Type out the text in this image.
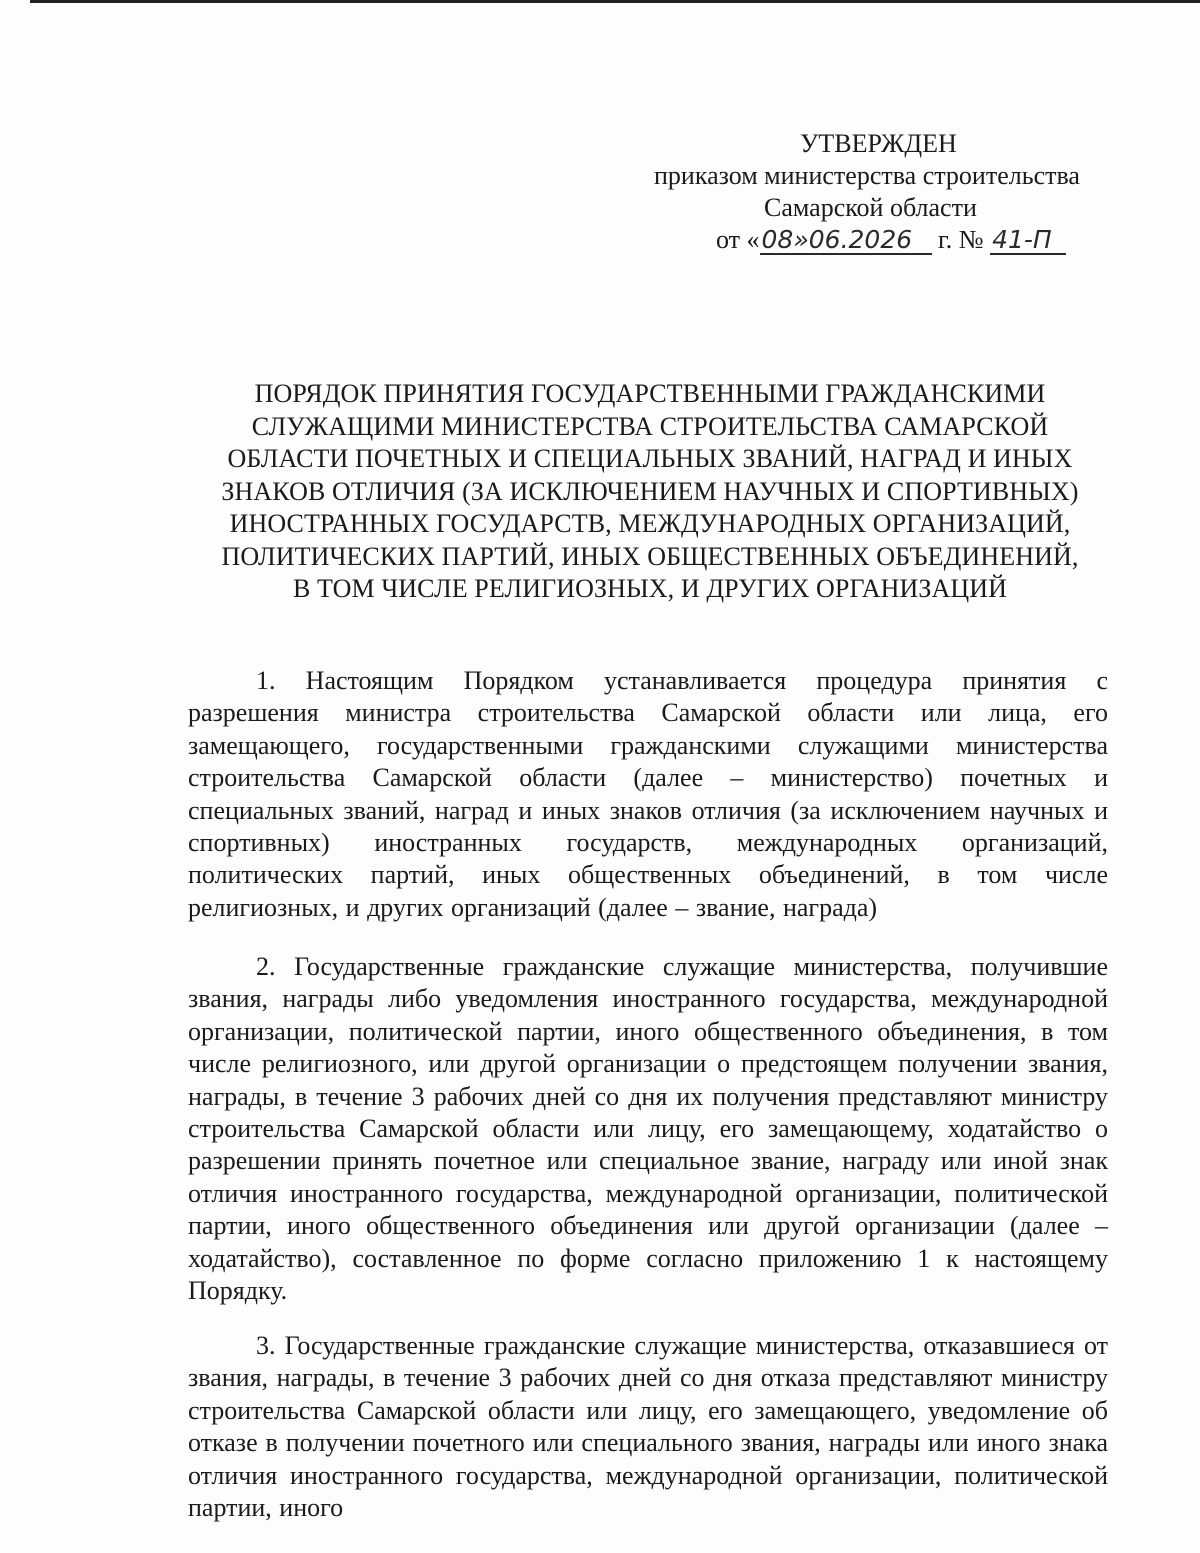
УТВЕРЖДЕН
приказом министерства строительства
Самарской области
от «08»06.2026 г. № 41-П
ПОРЯДОК ПРИНЯТИЯ ГОСУДАРСТВЕННЫМИ ГРАЖДАНСКИМИ
СЛУЖАЩИМИ МИНИСТЕРСТВА СТРОИТЕЛЬСТВА САМАРСКОЙ
ОБЛАСТИ ПОЧЕТНЫХ И СПЕЦИАЛЬНЫХ ЗВАНИЙ, НАГРАД И ИНЫХ
ЗНАКОВ ОТЛИЧИЯ (ЗА ИСКЛЮЧЕНИЕМ НАУЧНЫХ И СПОРТИВНЫХ)
ИНОСТРАННЫХ ГОСУДАРСТВ, МЕЖДУНАРОДНЫХ ОРГАНИЗАЦИЙ,
ПОЛИТИЧЕСКИХ ПАРТИЙ, ИНЫХ ОБЩЕСТВЕННЫХ ОБЪЕДИНЕНИЙ,
В ТОМ ЧИСЛЕ РЕЛИГИОЗНЫХ, И ДРУГИХ ОРГАНИЗАЦИЙ

1. Настоящим Порядком устанавливается процедура принятия с разрешения министра строительства Самарской области или лица, его замещающего, государственными гражданскими служащими министерства строительства Самарской области (далее – министерство) почетных и специальных званий, наград и иных знаков отличия (за исключением научных и спортивных) иностранных государств, международных организаций, политических партий, иных общественных объединений, в том числе религиозных, и других организаций (далее – звание, награда)

2. Государственные гражданские служащие министерства, получившие звания, награды либо уведомления иностранного государства, международной организации, политической партии, иного общественного объединения, в том числе религиозного, или другой организации о предстоящем получении звания, награды, в течение 3 рабочих дней со дня их получения представляют министру строительства Самарской области или лицу, его замещающему, ходатайство о разрешении принять почетное или специальное звание, награду или иной знак отличия иностранного государства, международной организации, политической партии, иного общественного объединения или другой организации (далее – ходатайство), составленное по форме согласно приложению 1 к настоящему Порядку.

3. Государственные гражданские служащие министерства, отказавшиеся от звания, награды, в течение 3 рабочих дней со дня отказа представляют министру строительства Самарской области или лицу, его замещающего, уведомление об отказе в получении почетного или специального звания, награды или иного знака отличия иностранного государства, международной организации, политической партии, иного
